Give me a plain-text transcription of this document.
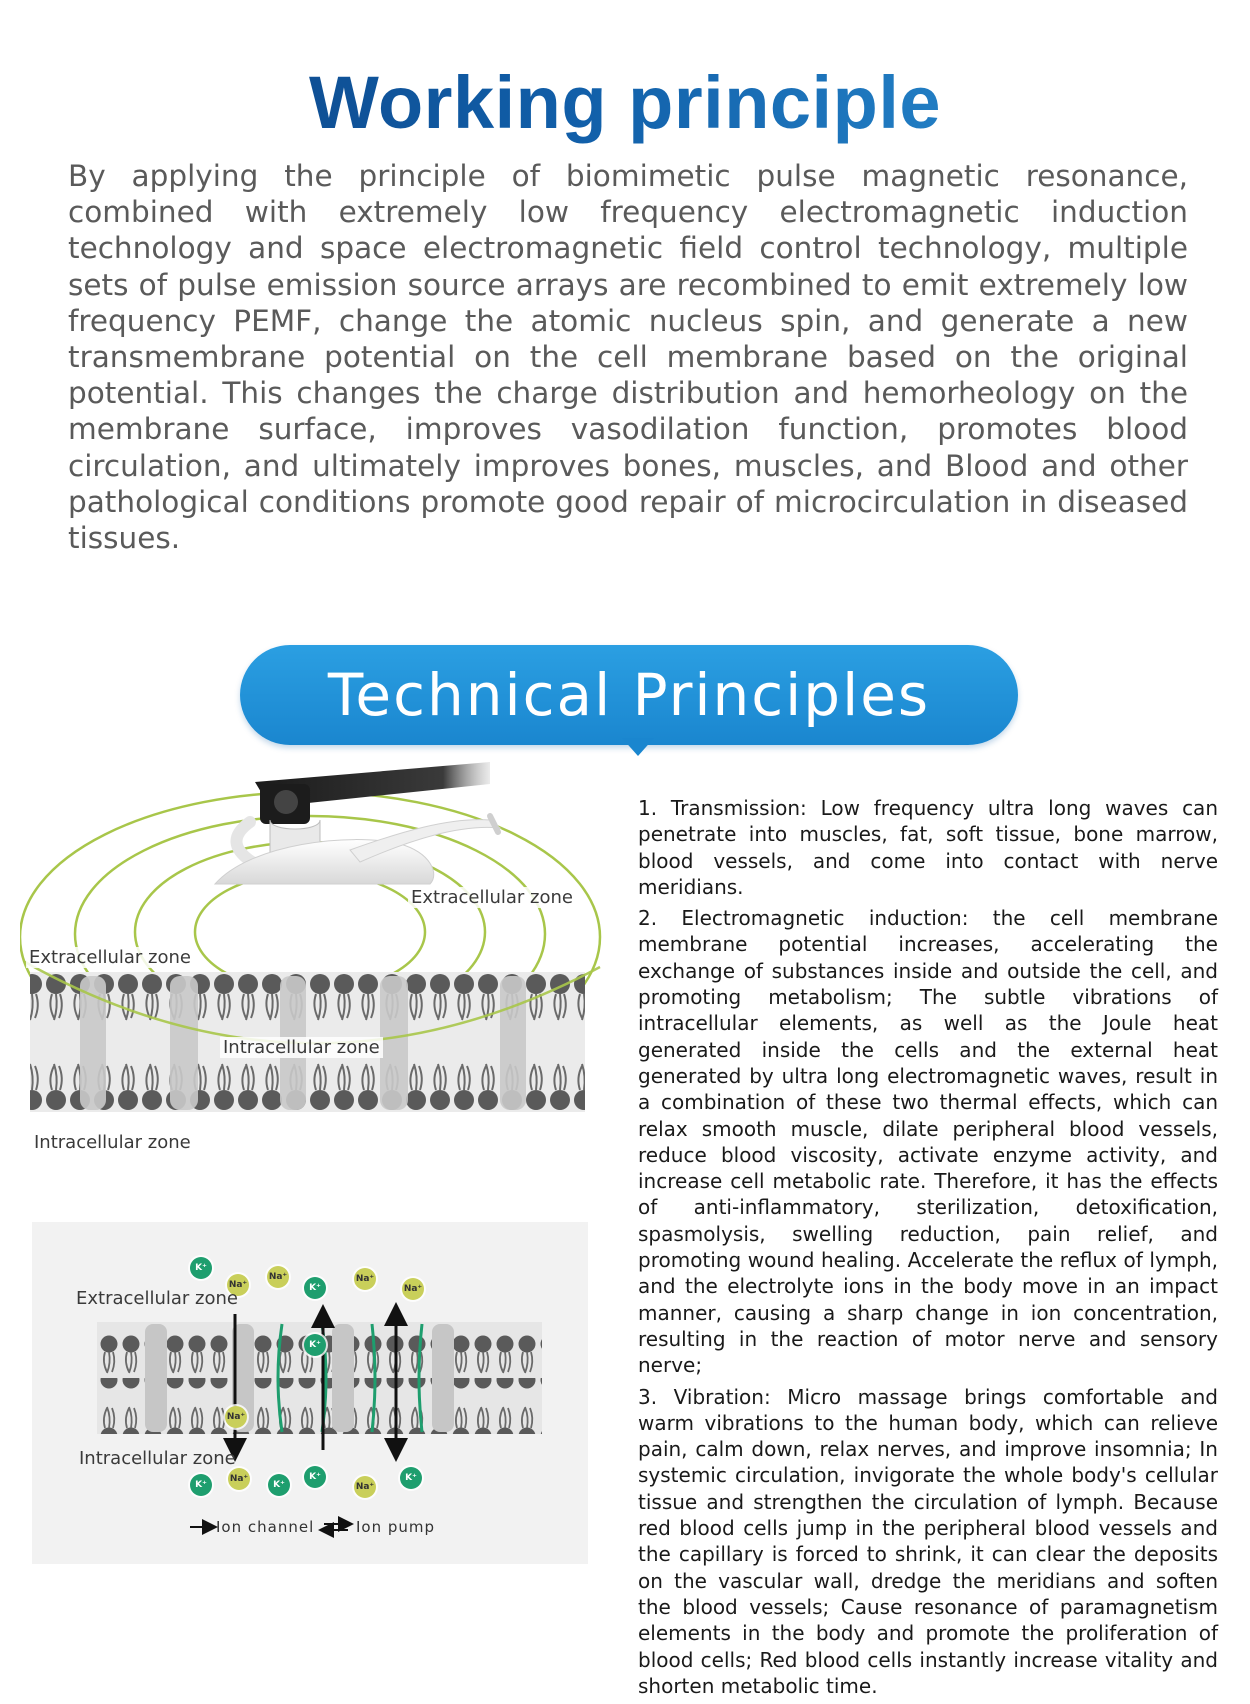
Working principle

By applying the principle of biomimetic pulse magnetic resonance, combined with extremely low frequency electromagnetic induction technology and space electromagnetic field control technology, multiple sets of pulse emission source arrays are recombined to emit extremely low frequency PEMF, change the atomic nucleus spin, and generate a new transmembrane potential on the cell membrane based on the original potential. This changes the charge distribution and hemorheology on the membrane surface, improves vasodilation function, promotes blood circulation, and ultimately improves bones, muscles, and Blood and other pathological conditions promote good repair of microcirculation in diseased tissues.

Technical Principles
Extracellular zone
Extracellular zone
Intracellular zone
Intracellular zone
K⁺
Na⁺
Na⁺
K⁺
Na⁺
Na⁺
K⁺
Na⁺
K⁺
Na⁺
K⁺
K⁺
Na⁺
K⁺
Extracellular zone
Intracellular zone
Ion channel	Ion pump

1. Transmission: Low frequency ultra long waves can penetrate into muscles, fat, soft tissue, bone marrow, blood vessels, and come into contact with nerve meridians.

2. Electromagnetic induction: the cell membrane membrane potential increases, accelerating the exchange of substances inside and outside the cell, and promoting metabolism; The subtle vibrations of intracellular elements, as well as the Joule heat generated inside the cells and the external heat generated by ultra long electromagnetic waves, result in a combination of these two thermal effects, which can relax smooth muscle, dilate peripheral blood vessels, reduce blood viscosity, activate enzyme activity, and increase cell metabolic rate. Therefore, it has the effects of anti-inflammatory, sterilization, detoxification, spasmolysis, swelling reduction, pain relief, and promoting wound healing. Accelerate the reflux of lymph, and the electrolyte ions in the body move in an impact manner, causing a sharp change in ion concentration, resulting in the reaction of motor nerve and sensory nerve;

3. Vibration: Micro massage brings comfortable and warm vibrations to the human body, which can relieve pain, calm down, relax nerves, and improve insomnia; In systemic circulation, invigorate the whole body's cellular tissue and strengthen the circulation of lymph. Because red blood cells jump in the peripheral blood vessels and the capillary is forced to shrink, it can clear the deposits on the vascular wall, dredge the meridians and soften the blood vessels; Cause resonance of paramagnetism elements in the body and promote the proliferation of blood cells; Red blood cells instantly increase vitality and shorten metabolic time.
